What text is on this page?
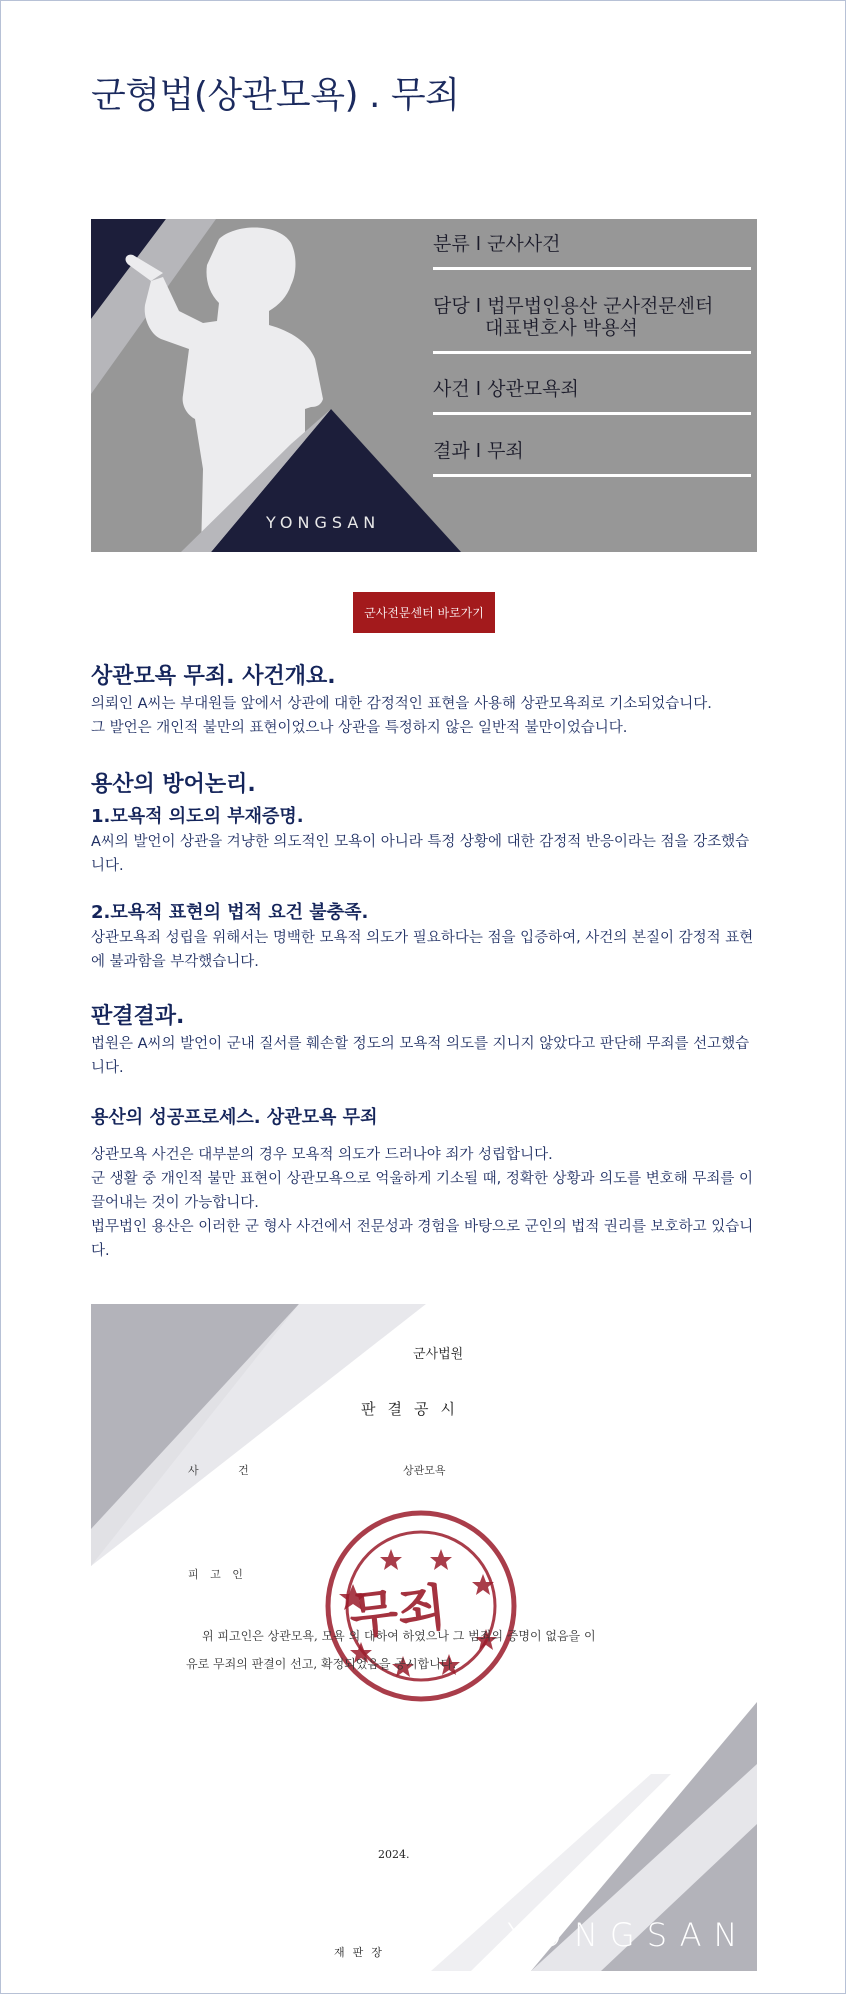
군형법(상관모욕) . 무죄
YONGSAN
분류 l 군사사건
담당 l 법무법인용산 군사전문센터
대표변호사 박용석
사건 l 상관모욕죄
결과 l 무죄
군사전문센터 바로가기
상관모욕 무죄. 사건개요.

의뢰인 A씨는 부대원들 앞에서 상관에 대한 감정적인 표현을 사용해 상관모욕죄로 기소되었습니다.

그 발언은 개인적 불만의 표현이었으나 상관을 특정하지 않은 일반적 불만이었습니다.

용산의 방어논리.
1.모욕적 의도의 부재증명.

A씨의 발언이 상관을 겨냥한 의도적인 모욕이 아니라 특정 상황에 대한 감정적 반응이라는 점을 강조했습니다.

2.모욕적 표현의 법적 요건 불충족.

상관모욕죄 성립을 위해서는 명백한 모욕적 의도가 필요하다는 점을 입증하여, 사건의 본질이 감정적 표현에 불과함을 부각했습니다.

판결결과.

법원은 A씨의 발언이 군내 질서를 훼손할 정도의 모욕적 의도를 지니지 않았다고 판단해 무죄를 선고했습니다.

용산의 성공프로세스. 상관모욕 무죄

상관모욕 사건은 대부분의 경우 모욕적 의도가 드러나야 죄가 성립합니다.

군 생활 중 개인적 불만 표현이 상관모욕으로 억울하게 기소될 때, 정확한 상황과 의도를 변호해 무죄를 이끌어내는 것이 가능합니다.

법무법인 용산은 이러한 군 형사 사건에서 전문성과 경험을 바탕으로 군인의 법적 권리를 보호하고 있습니다.

군사법원
판결공시
사 건	상관모욕
피 고 인
위 피고인은 상관모욕, 모욕 의 대하여 하였으나 그 범죄의 증명이 없음을 이
유로 무죄의 판결이 선고, 확정되었음을 공시합니다.
무죄
2024.
재판장	YONGSAN
